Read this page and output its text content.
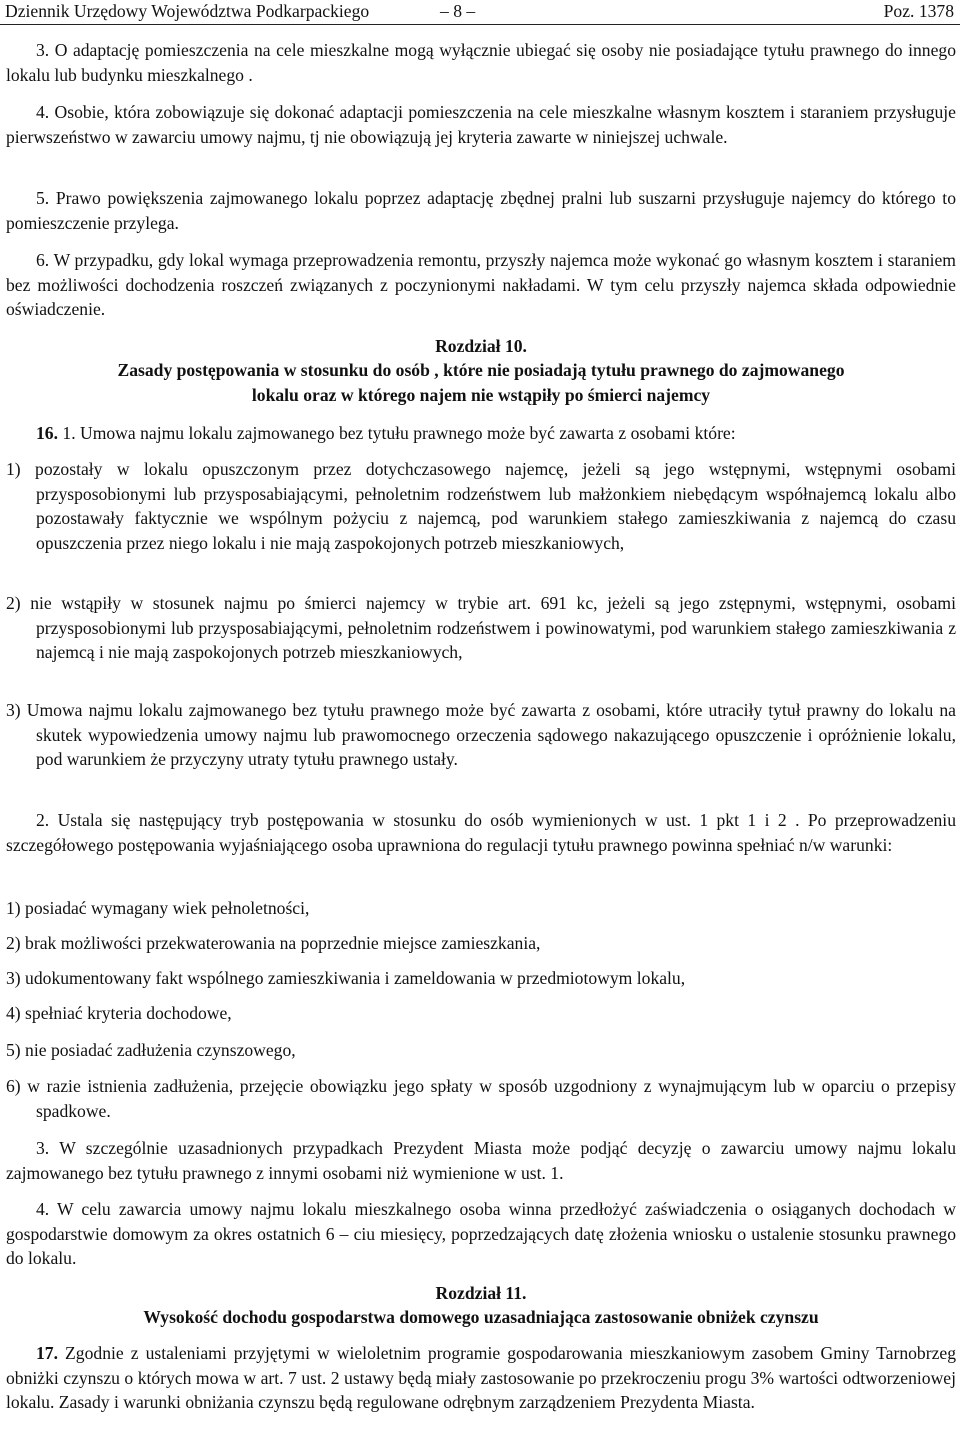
Dziennik Urzędowy Województwa Podkarpackiego	– 8 –	Poz. 1378
3. O adaptację pomieszczenia na cele mieszkalne mogą wyłącznie ubiegać się osoby nie posiadające tytułu prawnego do innego lokalu lub budynku mieszkalnego .
4. Osobie, która zobowiązuje się dokonać adaptacji pomieszczenia na cele mieszkalne własnym kosztem i staraniem przysługuje pierwszeństwo w zawarciu umowy najmu, tj nie obowiązują jej kryteria zawarte w niniejszej uchwale.
5. Prawo powiększenia zajmowanego lokalu poprzez adaptację zbędnej pralni lub suszarni przysługuje najemcy do którego to pomieszczenie przylega.
6. W przypadku, gdy lokal wymaga przeprowadzenia remontu, przyszły najemca może wykonać go własnym kosztem i staraniem bez możliwości dochodzenia roszczeń związanych z poczynionymi nakładami. W tym celu przyszły najemca składa odpowiednie oświadczenie.
Rozdział 10.
Zasady postępowania w stosunku do osób , które nie posiadają tytułu prawnego do zajmowanego
lokalu oraz w którego najem nie wstąpiły po śmierci najemcy
16. 1. Umowa najmu lokalu zajmowanego bez tytułu prawnego może być zawarta z osobami które:
1) pozostały w lokalu opuszczonym przez dotychczasowego najemcę, jeżeli są jego wstępnymi, wstępnymi osobami przysposobionymi lub przysposabiającymi, pełnoletnim rodzeństwem lub małżonkiem niebędącym współnajemcą lokalu albo pozostawały faktycznie we wspólnym pożyciu z najemcą, pod warunkiem stałego zamieszkiwania z najemcą do czasu opuszczenia przez niego lokalu i nie mają zaspokojonych potrzeb mieszkaniowych,
2) nie wstąpiły w stosunek najmu po śmierci najemcy w trybie art. 691 kc, jeżeli są jego zstępnymi, wstępnymi, osobami przysposobionymi lub przysposabiającymi, pełnoletnim rodzeństwem i powinowatymi, pod warunkiem stałego zamieszkiwania z najemcą i nie mają zaspokojonych potrzeb mieszkaniowych,
3) Umowa najmu lokalu zajmowanego bez tytułu prawnego może być zawarta z osobami, które utraciły tytuł prawny do lokalu na skutek wypowiedzenia umowy najmu lub prawomocnego orzeczenia sądowego nakazującego opuszczenie i opróżnienie lokalu, pod warunkiem że przyczyny utraty tytułu prawnego ustały.
2. Ustala się następujący tryb postępowania w stosunku do osób wymienionych w ust. 1 pkt 1 i 2 . Po przeprowadzeniu szczegółowego postępowania wyjaśniającego osoba uprawniona do regulacji tytułu prawnego powinna spełniać n/w warunki:
1) posiadać wymagany wiek pełnoletności,
2) brak możliwości przekwaterowania na poprzednie miejsce zamieszkania,
3) udokumentowany fakt wspólnego zamieszkiwania i zameldowania w przedmiotowym lokalu,
4) spełniać kryteria dochodowe,
5) nie posiadać zadłużenia czynszowego,
6) w razie istnienia zadłużenia, przejęcie obowiązku jego spłaty w sposób uzgodniony z wynajmującym lub w oparciu o przepisy spadkowe.
3. W szczególnie uzasadnionych przypadkach Prezydent Miasta może podjąć decyzję o zawarciu umowy najmu lokalu zajmowanego bez tytułu prawnego z innymi osobami niż wymienione w ust. 1.
4. W celu zawarcia umowy najmu lokalu mieszkalnego osoba winna przedłożyć zaświadczenia o osiąganych dochodach w gospodarstwie domowym za okres ostatnich 6 – ciu miesięcy, poprzedzających datę złożenia wniosku o ustalenie stosunku prawnego do lokalu.
Rozdział 11.
Wysokość dochodu gospodarstwa domowego uzasadniająca zastosowanie obniżek czynszu
17. Zgodnie z ustaleniami przyjętymi w wieloletnim programie gospodarowania mieszkaniowym zasobem Gminy Tarnobrzeg obniżki czynszu o których mowa w art. 7 ust. 2 ustawy będą miały zastosowanie po przekroczeniu progu 3% wartości odtworzeniowej lokalu. Zasady i warunki obniżania czynszu będą regulowane odrębnym zarządzeniem Prezydenta Miasta.
